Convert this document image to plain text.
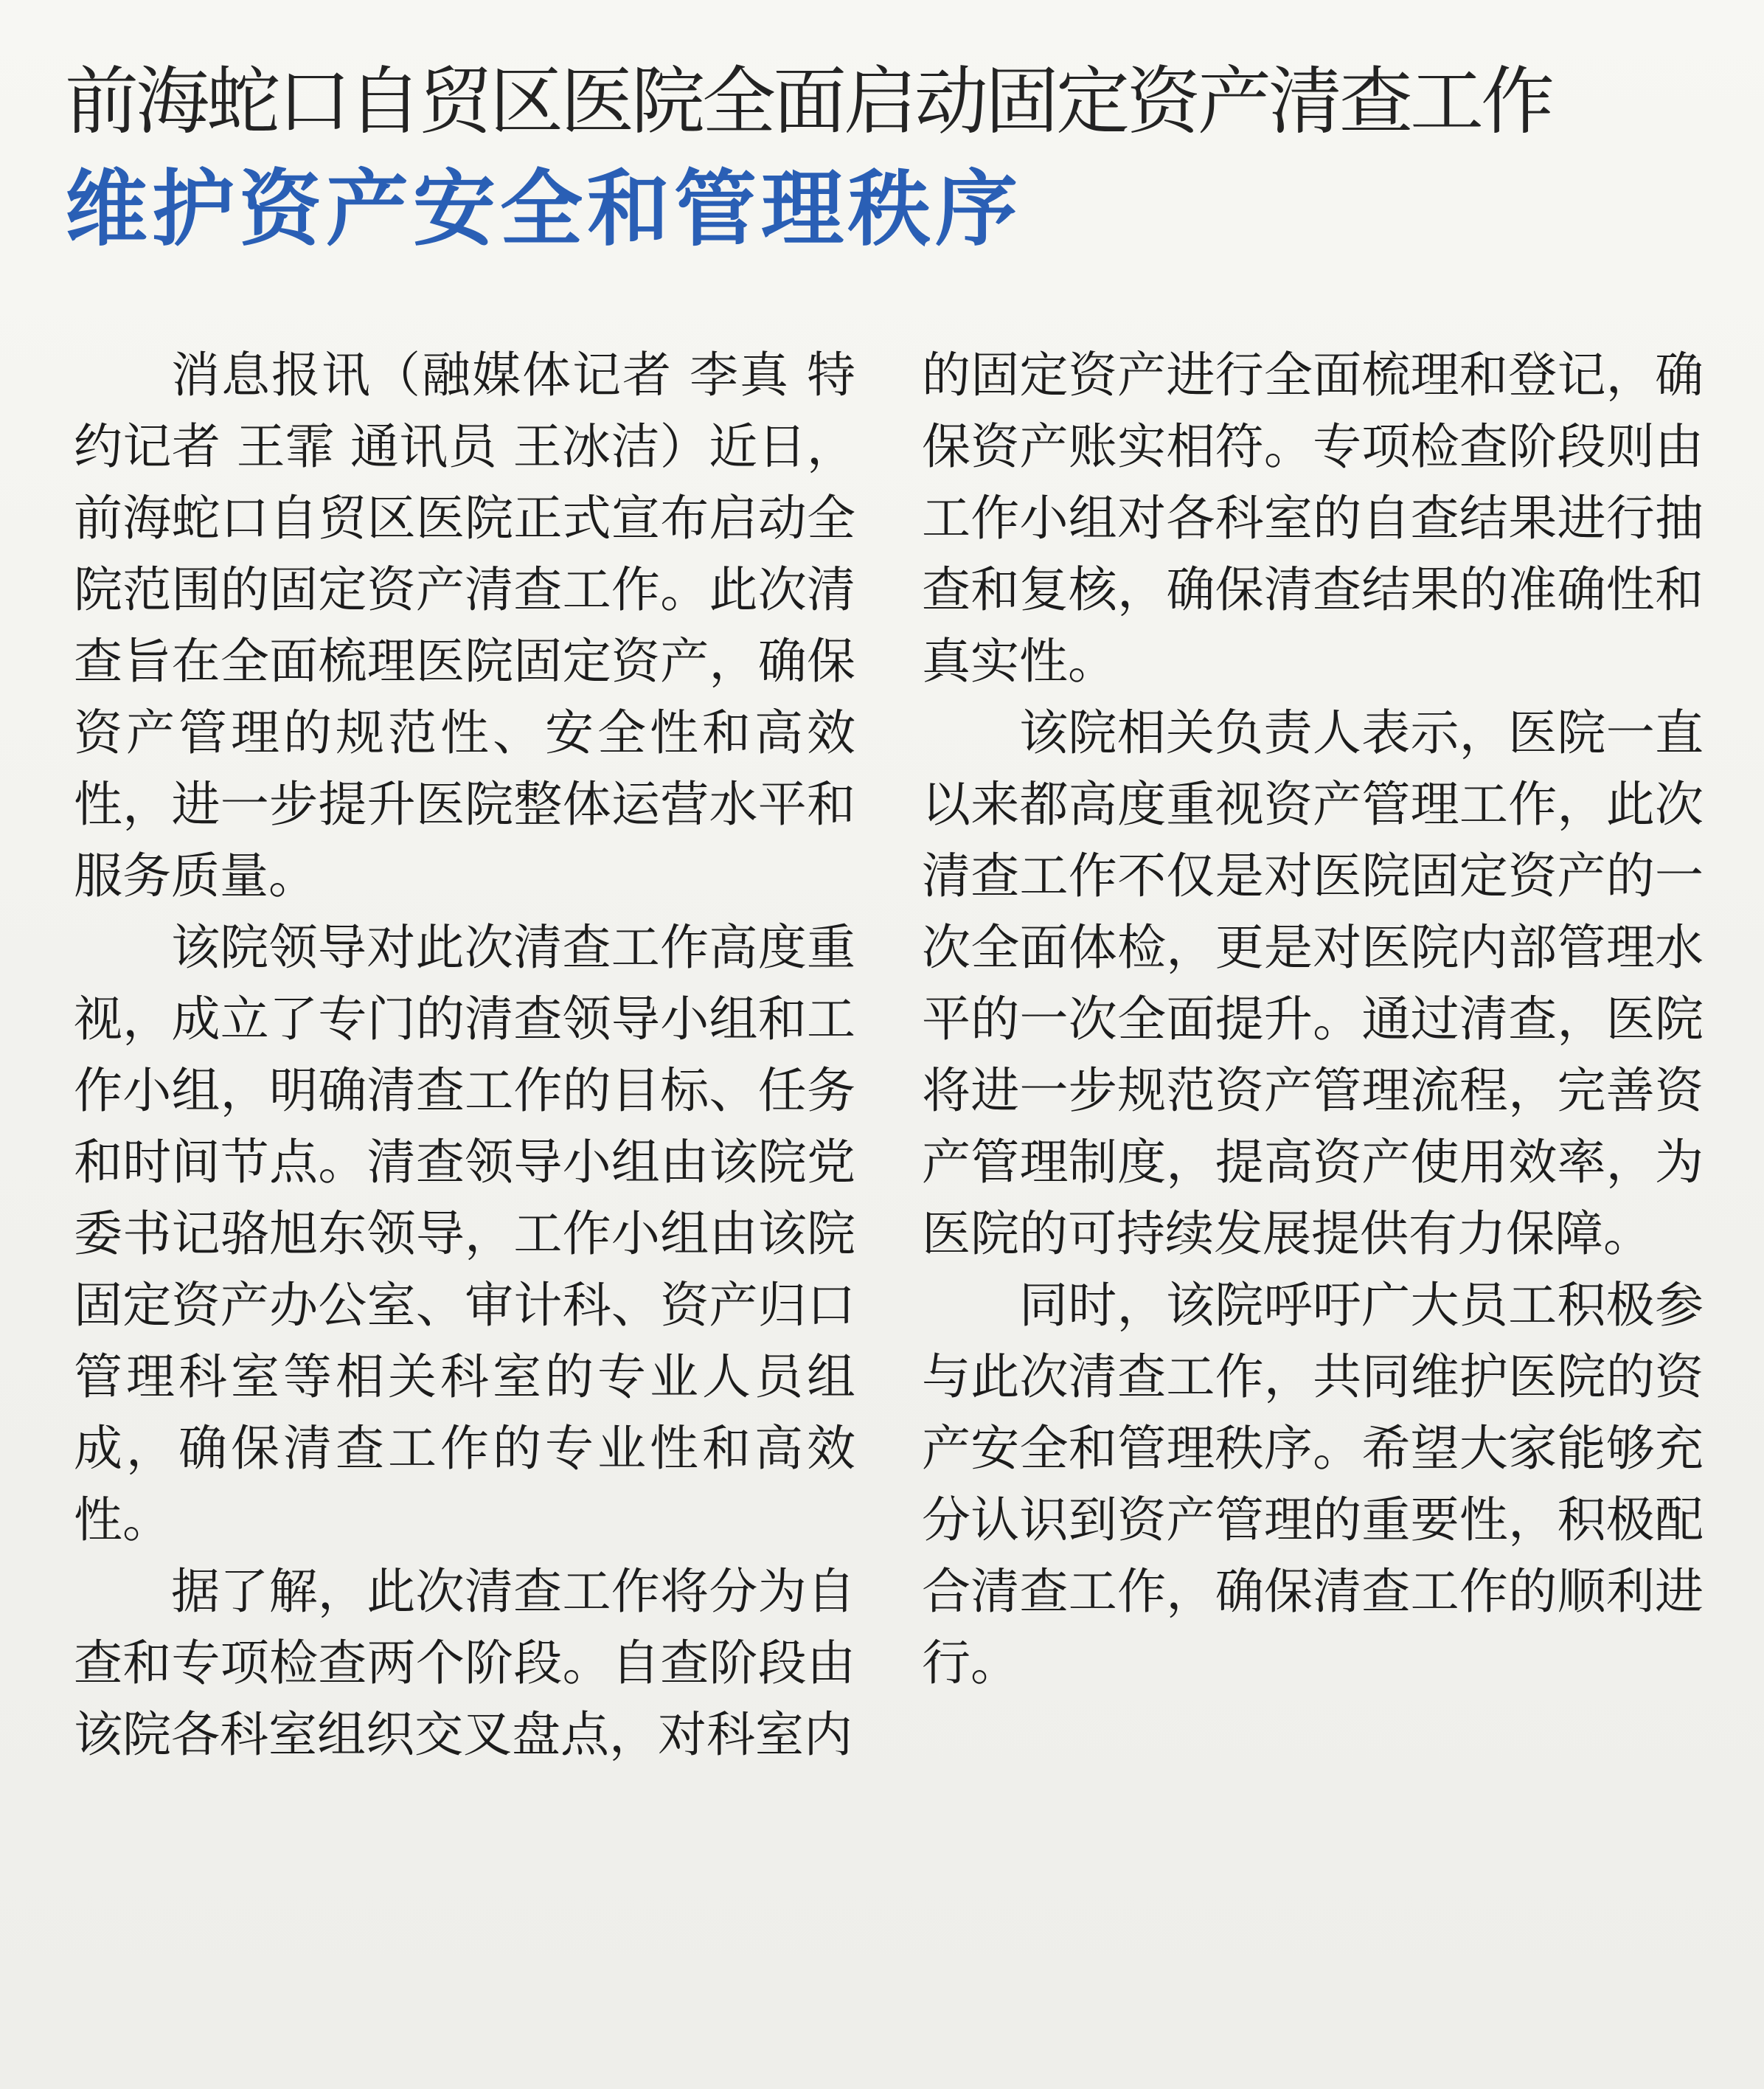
前海蛇口自贸区医院全面启动固定资产清查工作
维护资产安全和管理秩序

消息报讯（融媒体记者 李真 特约记者 王霏 通讯员 王冰洁）近日，前海蛇口自贸区医院正式宣布启动全院范围的固定资产清查工作。此次清查旨在全面梳理医院固定资产，确保资产管理的规范性、安全性和高效性，进一步提升医院整体运营水平和服务质量。

该院领导对此次清查工作高度重视，成立了专门的清查领导小组和工作小组，明确清查工作的目标、任务和时间节点。清查领导小组由该院党委书记骆旭东领导，工作小组由该院固定资产办公室、审计科、资产归口管理科室等相关科室的专业人员组成，确保清查工作的专业性和高效性。

据了解，此次清查工作将分为自查和专项检查两个阶段。自查阶段由该院各科室组织交叉盘点，对科室内

的固定资产进行全面梳理和登记，确保资产账实相符。专项检查阶段则由工作小组对各科室的自查结果进行抽查和复核，确保清查结果的准确性和真实性。

该院相关负责人表示，医院一直以来都高度重视资产管理工作，此次清查工作不仅是对医院固定资产的一次全面体检，更是对医院内部管理水平的一次全面提升。通过清查，医院将进一步规范资产管理流程，完善资产管理制度，提高资产使用效率，为医院的可持续发展提供有力保障。

同时，该院呼吁广大员工积极参与此次清查工作，共同维护医院的资产安全和管理秩序。希望大家能够充分认识到资产管理的重要性，积极配合清查工作，确保清查工作的顺利进行。
